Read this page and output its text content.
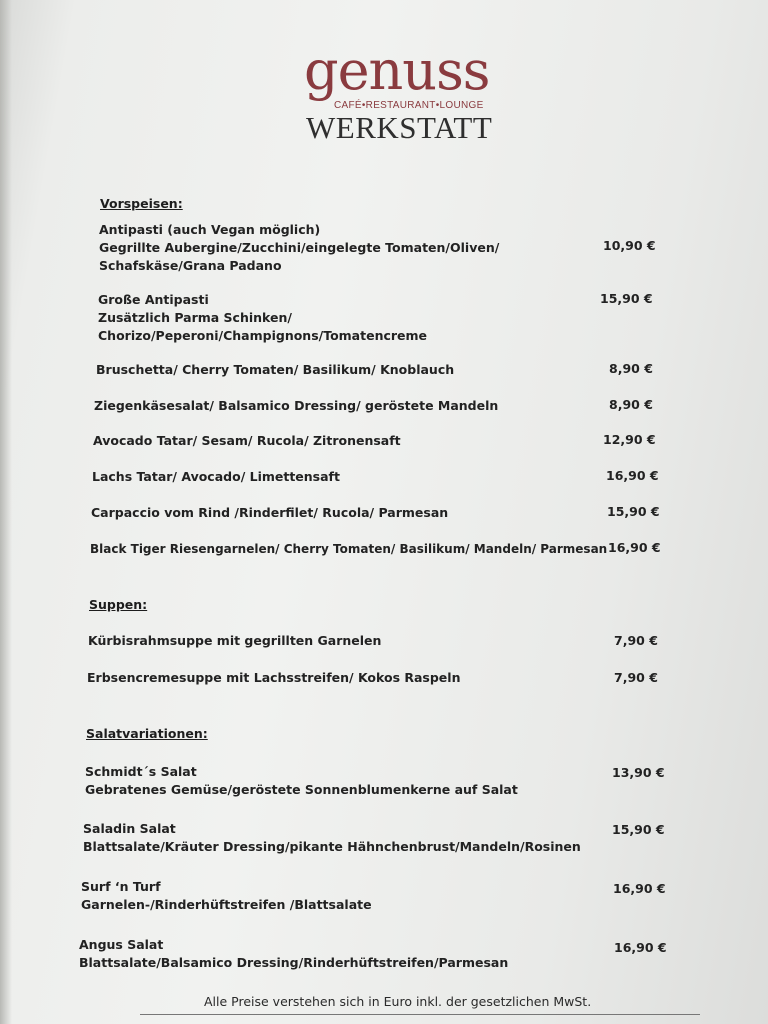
genuss
CAFÉ•RESTAURANT•LOUNGE
WERKSTATT
Vorspeisen:
Antipasti (auch Vegan möglich)
Gegrillte Aubergine/Zucchini/eingelegte Tomaten/Oliven/
Schafskäse/Grana Padano
10,90 €
Große Antipasti
Zusätzlich Parma Schinken/
Chorizo/Peperoni/Champignons/Tomatencreme
15,90 €
Bruschetta/ Cherry Tomaten/ Basilikum/ Knoblauch	8,90 €
Ziegenkäsesalat/ Balsamico Dressing/ geröstete Mandeln	8,90 €
Avocado Tatar/ Sesam/ Rucola/ Zitronensaft	12,90 €
Lachs Tatar/ Avocado/ Limettensaft	16,90 €
Carpaccio vom Rind /Rinderfilet/ Rucola/ Parmesan	15,90 €
Black Tiger Riesengarnelen/ Cherry Tomaten/ Basilikum/ Mandeln/ Parmesan 16,90 €
Suppen:
Kürbisrahmsuppe mit gegrillten Garnelen	7,90 €
Erbsencremesuppe mit Lachsstreifen/ Kokos Raspeln	7,90 €
Salatvariationen:
Schmidt´s Salat
Gebratenes Gemüse/geröstete Sonnenblumenkerne auf Salat
13,90 €
Saladin Salat
Blattsalate/Kräuter Dressing/pikante Hähnchenbrust/Mandeln/Rosinen
15,90 €
Surf ‘n Turf
Garnelen-/Rinderhüftstreifen /Blattsalate
16,90 €
Angus Salat
Blattsalate/Balsamico Dressing/Rinderhüftstreifen/Parmesan
16,90 €
Alle Preise verstehen sich in Euro inkl. der gesetzlichen MwSt.
